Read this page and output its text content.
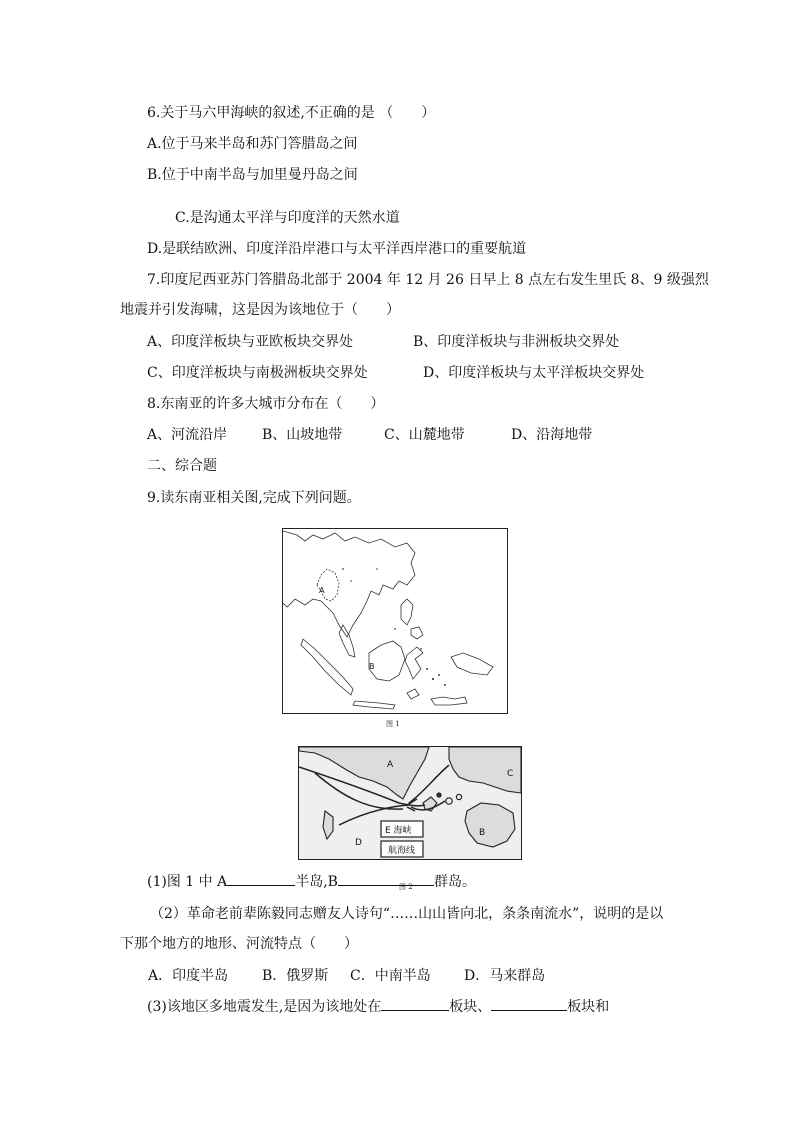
6.关于马六甲海峡的叙述,不正确的是 （　　）
A.位于马来半岛和苏门答腊岛之间
B.位于中南半岛与加里曼丹岛之间
C.是沟通太平洋与印度洋的天然水道
D.是联结欧洲、印度洋沿岸港口与太平洋西岸港口的重要航道
7.印度尼西亚苏门答腊岛北部于 2004 年 12 月 26 日早上 8 点左右发生里氏 8、9 级强烈
地震并引发海啸，这是因为该地位于（　　）
A、印度洋板块与亚欧板块交界处	B、印度洋板块与非洲板块交界处
C、印度洋板块与南极洲板块交界处	D、印度洋板块与太平洋板块交界处
8.东南亚的许多大城市分布在（　　）
A、河流沿岸 B、山坡地带	C、山麓地带	D、沿海地带
二、综合题
9.读东南亚相关图,完成下列问题。
A
B
图 1
A
C
D
B
E 海峡
航海线
(1)图 1 中 A	半岛,B	群岛。
图 2
（2）革命老前辈陈毅同志赠友人诗句“……山山皆向北，条条南流水”，说明的是以
下那个地方的地形、河流特点（　　）
A．印度半岛 B．俄罗斯 C．中南半岛 D．马来群岛
(3)该地区多地震发生,是因为该地处在	板块、	板块和
